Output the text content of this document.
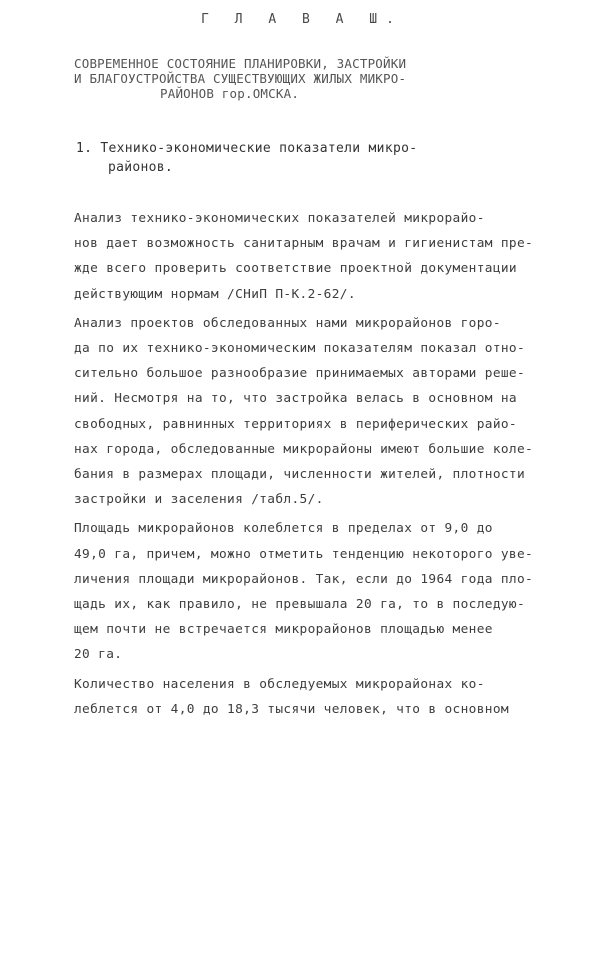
Г Л А В А Ш.
СОВРЕМЕННОЕ СОСТОЯНИЕ ПЛАНИРОВКИ, ЗАСТРОЙКИ
И БЛАГОУСТРОЙСТВА СУЩЕСТВУЮЩИХ ЖИЛЫХ МИКРО-
РАЙОНОВ гор.ОМСКА.
1. Технико-экономические показатели микро-
районов.
Анализ технико-экономических показателей микрорайо-
нов дает возможность санитарным врачам и гигиенистам пре-
жде всего проверить соответствие проектной документации
действующим нормам /СНиП П-К.2-62/.
Анализ проектов обследованных нами микрорайонов горо-
да по их технико-экономическим показателям показал отно-
сительно большое разнообразие принимаемых авторами реше-
ний. Несмотря на то, что застройка велась в основном на
свободных, равнинных территориях в периферических райо-
нах города, обследованные микрорайоны имеют большие коле-
бания в размерах площади, численности жителей, плотности
застройки и заселения /табл.5/.
Площадь микрорайонов колеблется в пределах от 9,0 до
49,0 га, причем, можно отметить тенденцию некоторого уве-
личения площади микрорайонов. Так, если до 1964 года пло-
щадь их, как правило, не превышала 20 га, то в последую-
щем почти не встречается микрорайонов площадью менее
20 га.
Количество населения в обследуемых микрорайонах ко-
леблется от 4,0 до 18,3 тысячи человек, что в основном
